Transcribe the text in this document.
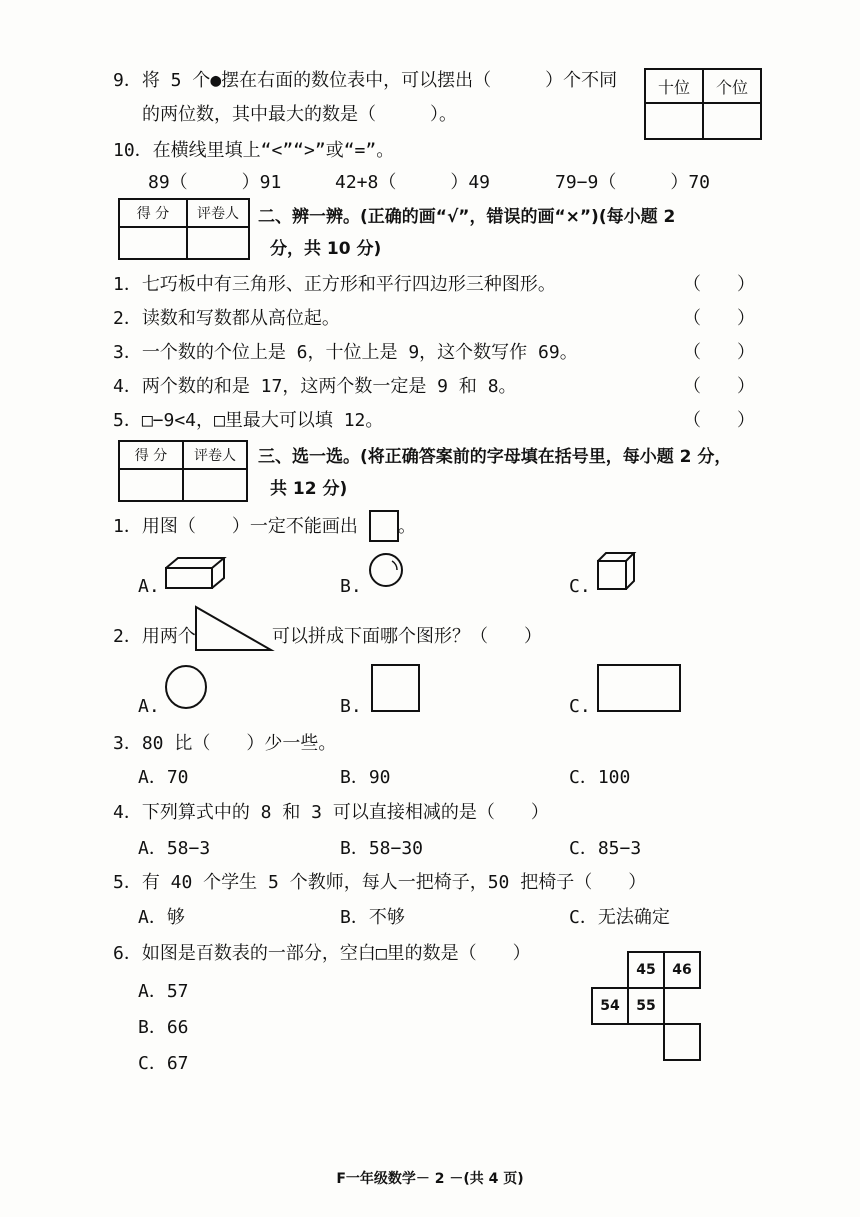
9．将 5 个●摆在右面的数位表中，可以摆出（　　　）个不同
的两位数，其中最大的数是（　　　）。
十位	个位

10．在横线里填上“<”“>”或“=”。
89（　　　）91	42+8（　　　）49	79−9（　　　）70
得 分	评卷人
	二、辨一辨。(正确的画“√”，错误的画“×”)(每小题 2
分，共 10 分)
1．七巧板中有三角形、正方形和平行四边形三种图形。	（　　）
2．读数和写数都从高位起。	（　　）
3．一个数的个位上是 6，十位上是 9，这个数写作 69。	（　　）
4．两个数的和是 17，这两个数一定是 9 和 8。	（　　）
5．□−9<4，□里最大可以填 12。	（　　）
得 分	评卷人
	三、选一选。(将正确答案前的字母填在括号里，每小题 2 分，
共 12 分)
1．用图（　　）一定不能画出 。
A.	B.	C.
2．用两个	可以拼成下面哪个图形？（　　）
A.	B.	C.
3．80 比（　　）少一些。
A．70	B．90	C．100
4．下列算式中的 8 和 3 可以直接相减的是（　　）
A．58−3	B．58−30	C．85−3
5．有 40 个学生 5 个教师，每人一把椅子，50 把椅子（　　）
A．够	B．不够	C．无法确定
6．如图是百数表的一部分，空白□里的数是（　　）
A．57
B．66
C．67
45	46
54	55
F一年级数学－ 2 －(共 4 页)
